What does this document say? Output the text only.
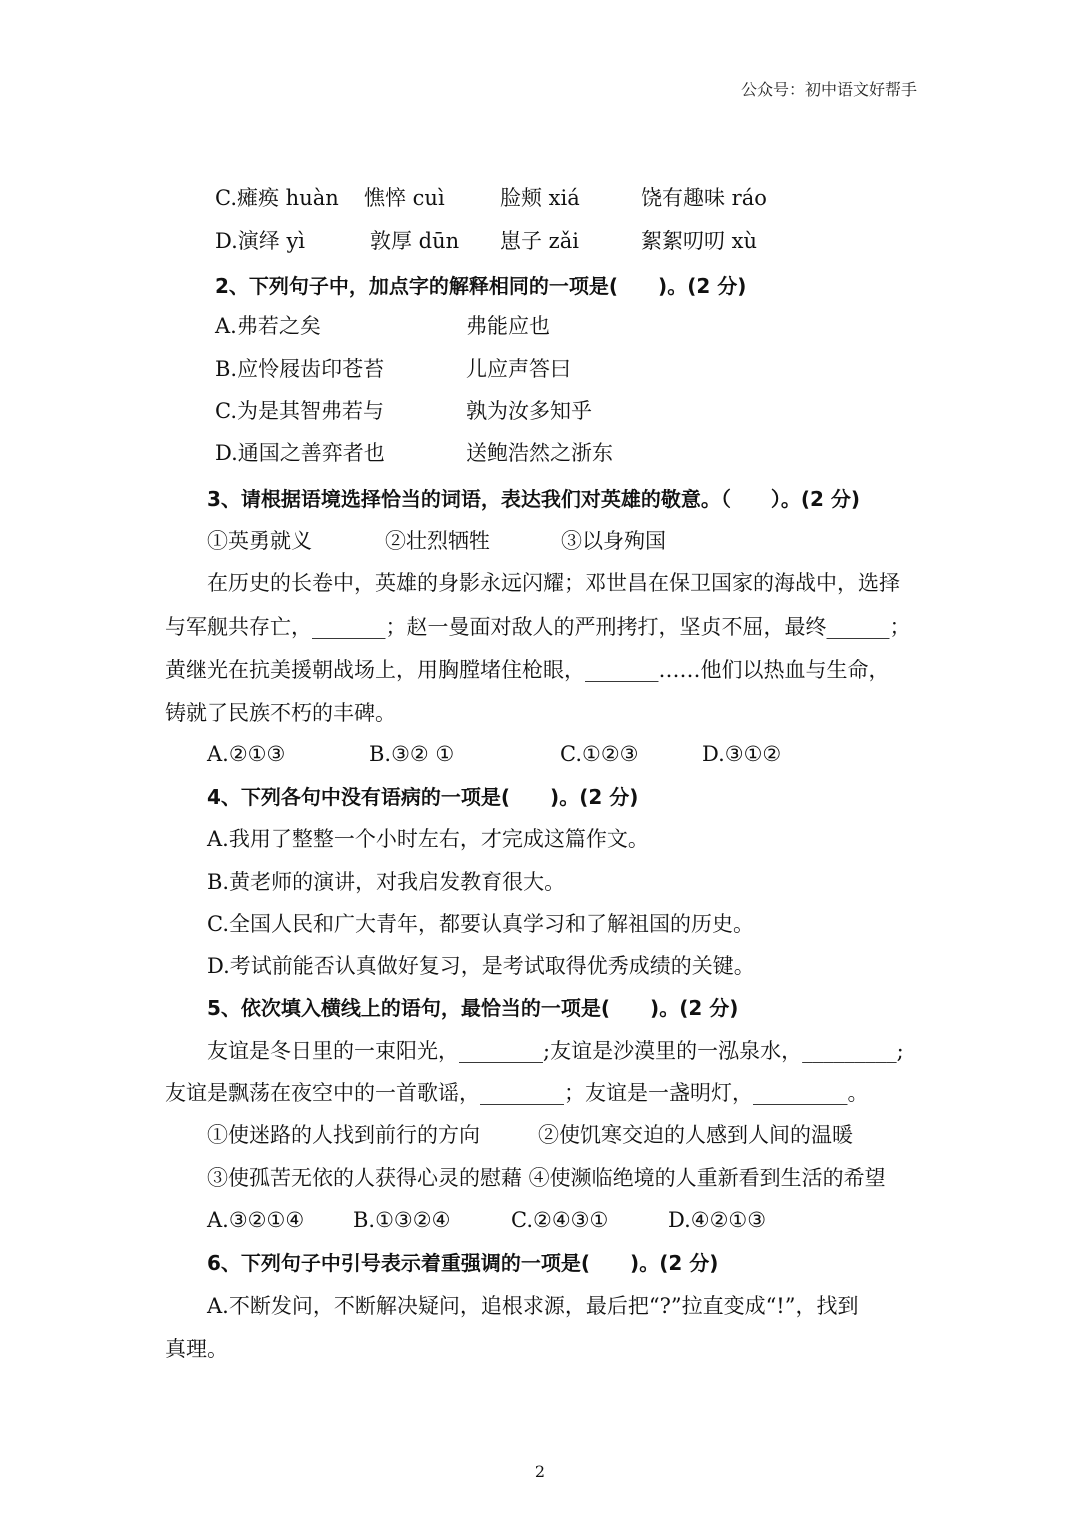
公众号：初中语文好帮手
C.瘫痪 huàn 憔悴 cuì	脸颊 xiá	饶有趣味 ráo
D.演绎 yì	敦厚 dūn 崽子 zǎi	絮絮叨叨 xù
2、下列句子中，加点字的解释相同的一项是(　　)。(2 分)
A.弗若之矣	弗能应也
B.应怜屐齿印苍苔	儿应声答曰
C.为是其智弗若与	孰为汝多知乎
D.通国之善弈者也	送鲍浩然之浙东
3、请根据语境选择恰当的词语，表达我们对英雄的敬意。（　　）。(2 分)
①英勇就义	②壮烈牺牲	③以身殉国
在历史的长卷中，英雄的身影永远闪耀；邓世昌在保卫国家的海战中，选择
与军舰共存亡，_______；赵一曼面对敌人的严刑拷打，坚贞不屈，最终______；
黄继光在抗美援朝战场上，用胸膛堵住枪眼，_______……他们以热血与生命，
铸就了民族不朽的丰碑。
A.②①③	B.③② ①	C.①②③	D.③①②
4、下列各句中没有语病的一项是(　　)。(2 分)
A.我用了整整一个小时左右，才完成这篇作文。
B.黄老师的演讲，对我启发教育很大。
C.全国人民和广大青年，都要认真学习和了解祖国的历史。
D.考试前能否认真做好复习，是考试取得优秀成绩的关键。
5、依次填入横线上的语句，最恰当的一项是(　　)。(2 分)
友谊是冬日里的一束阳光，________;友谊是沙漠里的一泓泉水，_________;
友谊是飘荡在夜空中的一首歌谣，________；友谊是一盏明灯，_________。
①使迷路的人找到前行的方向	②使饥寒交迫的人感到人间的温暖
③使孤苦无依的人获得心灵的慰藉 ④使濒临绝境的人重新看到生活的希望
A.③②①④ B.①③②④	C.②④③①	D.④②①③
6、下列句子中引号表示着重强调的一项是(　　)。(2 分)
A.不断发问，不断解决疑问，追根求源，最后把“?”拉直变成“!”，找到
真理。
2
